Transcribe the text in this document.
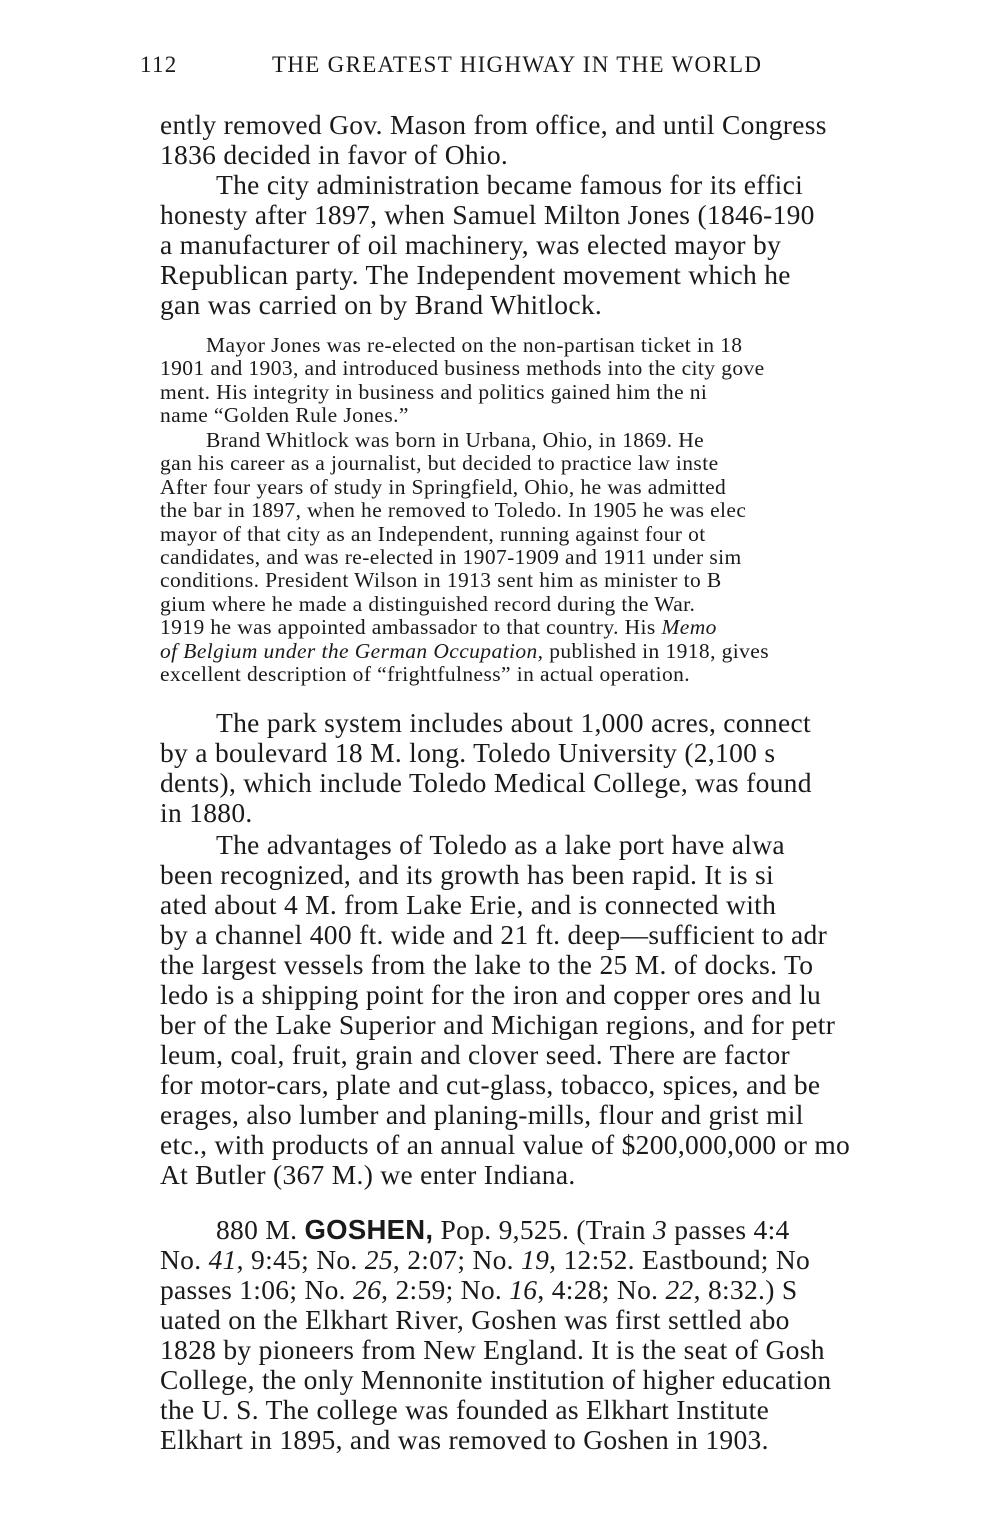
112	THE GREATEST HIGHWAY IN THE WORLD
ently removed Gov. Mason from office, and until Congress
1836 decided in favor of Ohio.
The city administration became famous for its effici
honesty after 1897, when Samuel Milton Jones (1846-190
a manufacturer of oil machinery, was elected mayor by
Republican party. The Independent movement which he
gan was carried on by Brand Whitlock.
Mayor Jones was re-elected on the non-partisan ticket in 18
1901 and 1903, and introduced business methods into the city gove
ment. His integrity in business and politics gained him the ni
name “Golden Rule Jones.”
Brand Whitlock was born in Urbana, Ohio, in 1869. He
gan his career as a journalist, but decided to practice law inste
After four years of study in Springfield, Ohio, he was admitted
the bar in 1897, when he removed to Toledo. In 1905 he was elec
mayor of that city as an Independent, running against four ot
candidates, and was re-elected in 1907-1909 and 1911 under sim
conditions. President Wilson in 1913 sent him as minister to B
gium where he made a distinguished record during the War.
1919 he was appointed ambassador to that country. His Memo
of Belgium under the German Occupation, published in 1918, gives
excellent description of “frightfulness” in actual operation.
The park system includes about 1,000 acres, connect
by a boulevard 18 M. long. Toledo University (2,100 s
dents), which include Toledo Medical College, was found
in 1880.
The advantages of Toledo as a lake port have alwa
been recognized, and its growth has been rapid. It is si
ated about 4 M. from Lake Erie, and is connected with
by a channel 400 ft. wide and 21 ft. deep—sufficient to adr
the largest vessels from the lake to the 25 M. of docks. To
ledo is a shipping point for the iron and copper ores and lu
ber of the Lake Superior and Michigan regions, and for petr
leum, coal, fruit, grain and clover seed. There are factor
for motor-cars, plate and cut-glass, tobacco, spices, and be
erages, also lumber and planing-mills, flour and grist mil
etc., with products of an annual value of $200,000,000 or mo
At Butler (367 M.) we enter Indiana.
880 M. GOSHEN, Pop. 9,525. (Train 3 passes 4:4
No. 41, 9:45; No. 25, 2:07; No. 19, 12:52. Eastbound; No
passes 1:06; No. 26, 2:59; No. 16, 4:28; No. 22, 8:32.) S
uated on the Elkhart River, Goshen was first settled abo
1828 by pioneers from New England. It is the seat of Gosh
College, the only Mennonite institution of higher education
the U. S. The college was founded as Elkhart Institute
Elkhart in 1895, and was removed to Goshen in 1903.
